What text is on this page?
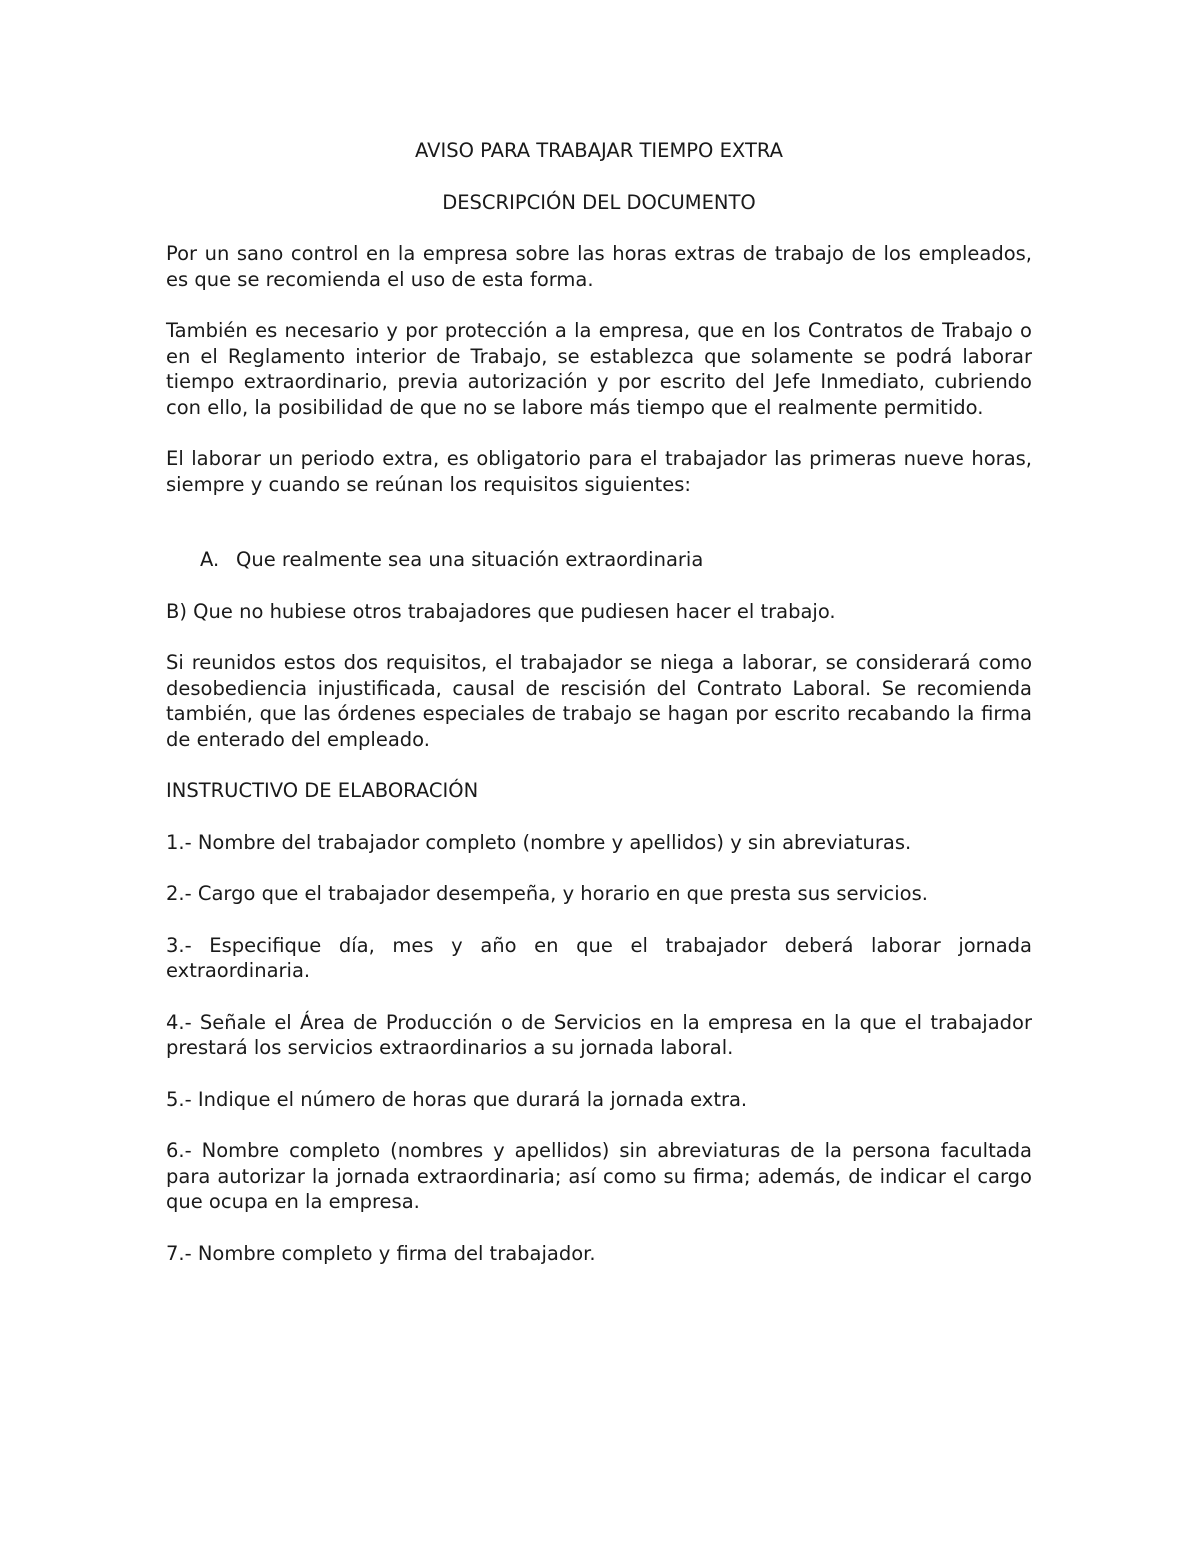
AVISO PARA TRABAJAR TIEMPO EXTRA
DESCRIPCIÓN DEL DOCUMENTO

Por un sano control en la empresa sobre las horas extras de trabajo de los empleados, es que se recomienda el uso de esta forma.

También es necesario y por protección a la empresa, que en los Contratos de Trabajo o en el Reglamento interior de Trabajo, se establezca que solamente se podrá laborar tiempo extraordinario, previa autorización y por escrito del Jefe Inmediato, cubriendo con ello, la posibilidad de que no se labore más tiempo que el realmente permitido.

El laborar un periodo extra, es obligatorio para el trabajador las primeras nueve horas, siempre y cuando se reúnan los requisitos siguientes:

A. Que realmente sea una situación extraordinaria

B) Que no hubiese otros trabajadores que pudiesen hacer el trabajo.

Si reunidos estos dos requisitos, el trabajador se niega a laborar, se considerará como desobediencia injustificada, causal de rescisión del Contrato Laboral. Se recomienda también, que las órdenes especiales de trabajo se hagan por escrito recabando la firma de enterado del empleado.

INSTRUCTIVO DE ELABORACIÓN

1.- Nombre del trabajador completo (nombre y apellidos) y sin abreviaturas.

2.- Cargo que el trabajador desempeña, y horario en que presta sus servicios.

3.- Especifique día, mes y año en que el trabajador deberá laborar jornada extraordinaria.

4.- Señale el Área de Producción o de Servicios en la empresa en la que el trabajador prestará los servicios extraordinarios a su jornada laboral.

5.- Indique el número de horas que durará la jornada extra.

6.- Nombre completo (nombres y apellidos) sin abreviaturas de la persona facultada para autorizar la jornada extraordinaria; así como su firma; además, de indicar el cargo que ocupa en la empresa.

7.- Nombre completo y firma del trabajador.
